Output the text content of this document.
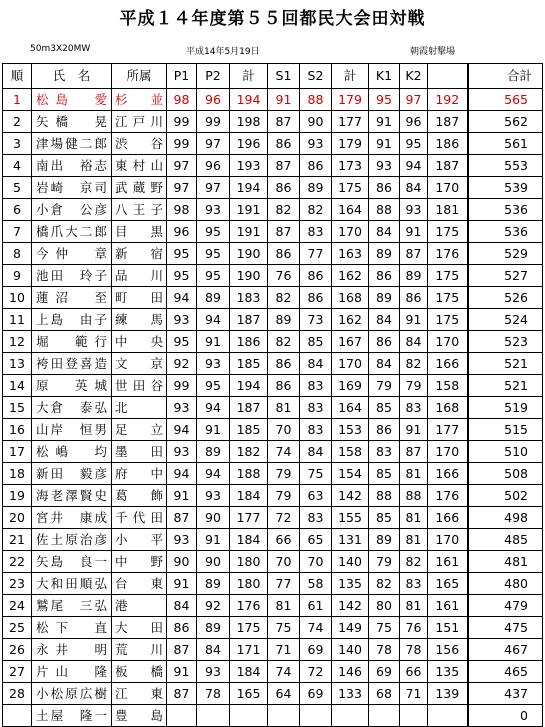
平成１４年度第５５回都民大会田対戦
50m3X20MW	平成14年5月19日	朝霞射撃場
順	氏　名	所属	P1	P2	計	S1	S2	計	K1	K2		合計
1	松島　愛	杉並	98	96	194	91	88	179	95	97	192	565
2	矢橋　晃	江戸川	99	99	198	87	90	177	91	96	187	562
3	津場健二郎	渋谷	99	97	196	86	93	179	91	95	186	561
4	南出　裕志	東村山	97	96	193	87	86	173	93	94	187	553
5	岩崎　京司	武蔵野	97	97	194	86	89	175	86	84	170	539
6	小倉　公彦	八王子	98	93	191	82	82	164	88	93	181	536
7	橋爪大二郎	目黒	96	95	191	87	83	170	84	91	175	536
8	今仲　章	新宿	95	95	190	86	77	163	89	87	176	529
9	池田　玲子	品川	95	95	190	76	86	162	86	89	175	527
10	蓮沼　至	町田	94	89	183	82	86	168	89	86	175	526
11	上島　由子	練馬	93	94	187	89	73	162	84	91	175	524
12	堀　範行	中央	95	91	186	82	85	167	86	84	170	523
13	袴田登喜造	文京	92	93	185	86	84	170	84	82	166	521
14	原　英城	世田谷	99	95	194	86	83	169	79	79	158	521
15	大倉　泰弘	北	93	94	187	81	83	164	85	83	168	519
16	山岸　恒男	足立	94	91	185	70	83	153	86	91	177	515
17	松嶋　均	墨田	93	89	182	74	84	158	83	87	170	510
18	新田　毅彦	府中	94	94	188	79	75	154	85	81	166	508
19	海老澤賢史	葛飾	91	93	184	79	63	142	88	88	176	502
20	宮井　康成	千代田	87	90	177	72	83	155	85	81	166	498
21	佐土原治彦	小平	93	91	184	66	65	131	89	81	170	485
22	矢島　良一	中野	90	90	180	70	70	140	79	82	161	481
23	大和田順弘	台東	91	89	180	77	58	135	82	83	165	480
24	鷲尾　三弘	港	84	92	176	81	61	142	80	81	161	479
25	松下　直	大田	86	89	175	75	74	149	75	76	151	475
26	永井　明	荒川	87	84	171	71	69	140	78	78	156	467
27	片山　隆	板橋	91	93	184	74	72	146	69	66	135	465
28	小松原広樹	江東	87	78	165	64	69	133	68	71	139	437
	土屋　隆一	豊島										0
